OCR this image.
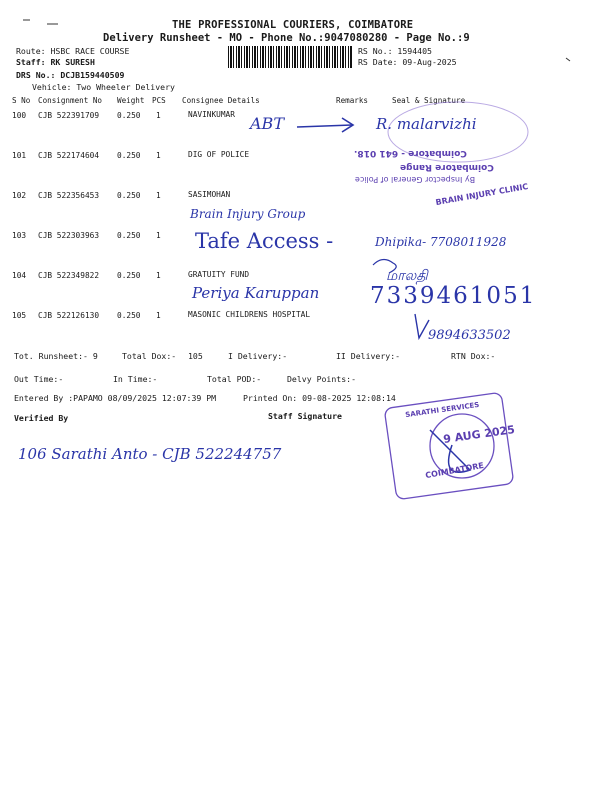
THE PROFESSIONAL COURIERS, COIMBATORE
Delivery Runsheet - MO - Phone No.:9047080280 - Page No.:9
Route: HSBC RACE COURSE
Staff: RK SURESH
DRS No.: DCJB159440509
Vehicle: Two Wheeler Delivery
RS No.: 1594405
RS Date: 09-Aug-2025
S No Consignment No Weight PCS Consignee Details	Remarks	Seal & Signature
100 CJB 522391709 0.250 1	NAVINKUMAR
101 CJB 522174604 0.250 1	DIG OF POLICE
102 CJB 522356453 0.250 1	SASIMOHAN
103 CJB 522303963 0.250 1
104 CJB 522349822 0.250 1	GRATUITY FUND
105 CJB 522126130 0.250 1	MASONIC CHILDRENS HOSPITAL
Tot. Runsheet:- 9	Total Dox:- 105	I Delivery:-	II Delivery:-	RTN Dox:-
Out Time:-	In Time:-	Total POD:-	Delvy Points:-
Entered By :PAPAMO 08/09/2025 12:07:39 PM	Printed On: 09-08-2025 12:08:14
Verified By	Staff Signature
ABT	R. malarvizhi
Brain Injury Group
Tafe Access -	Dhipika- 7708011928
மாலதி
Periya Karuppan 7339461051
9894633502
106 Sarathi Anto - CJB 522244757
By Inspector General of Police
Coimbatore Range
Coimbatore - 641 018.
BRAIN INJURY CLINIC
SARATHI SERVICES
9 AUG 2025
COIMBATORE
